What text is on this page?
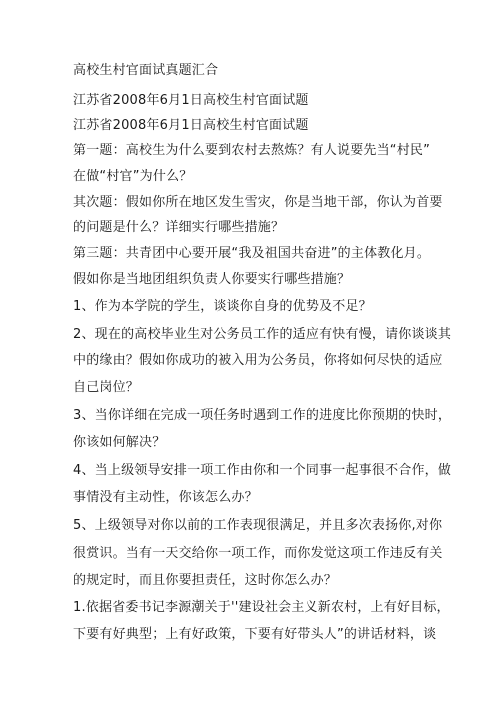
高校生村官面试真题汇合
江苏省2008年6月1日高校生村官面试题
江苏省2008年6月1日高校生村官面试题
第一题：高校生为什么要到农村去熬炼？有人说要先当“村民”
在做“村官”为什么？
其次题：假如你所在地区发生雪灾，你是当地干部，你认为首要
的问题是什么？详细实行哪些措施？
第三题：共青团中心要开展“我及祖国共奋进”的主体教化月。
假如你是当地团组织负责人你要实行哪些措施？
1、作为本学院的学生，谈谈你自身的优势及不足？
2、现在的高校毕业生对公务员工作的适应有快有慢，请你谈谈其
中的缘由？假如你成功的被入用为公务员，你将如何尽快的适应
自己岗位？
3、当你详细在完成一项任务时遇到工作的进度比你预期的快时，
你该如何解决？
4、当上级领导安排一项工作由你和一个同事一起事很不合作，做
事情没有主动性，你该怎么办？
5、上级领导对你以前的工作表现很满足，并且多次表扬你,对你
很赏识。当有一天交给你一项工作，而你发觉这项工作违反有关
的规定时，而且你要担责任，这时你怎么办？
1.依据省委书记李源潮关于''建设社会主义新农村，上有好目标，
下要有好典型；上有好政策，下要有好带头人”的讲话材料，谈
